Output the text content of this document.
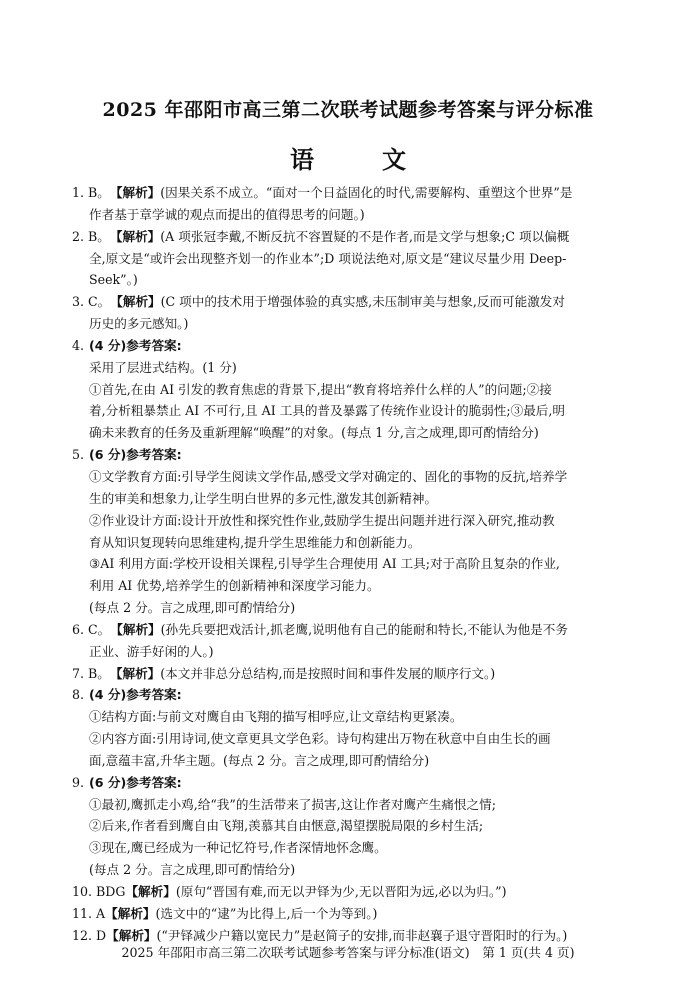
2025 年邵阳市高三第二次联考试题参考答案与评分标准
语　文
1. B。【解析】(因果关系不成立。“面对一个日益固化的时代,需要解构、重塑这个世界”是
作者基于章学诚的观点而提出的值得思考的问题。)
2. B。【解析】(A 项张冠李戴,不断反抗不容置疑的不是作者,而是文学与想象;C 项以偏概
全,原文是“或许会出现整齐划一的作业本”;D 项说法绝对,原文是“建议尽量少用 Deep-
Seek”。)
3. C。【解析】(C 项中的技术用于增强体验的真实感,未压制审美与想象,反而可能激发对
历史的多元感知。)
4.(4 分)参考答案:
采用了层进式结构。(1 分)
①首先,在由 AI 引发的教育焦虑的背景下,提出“教育将培养什么样的人”的问题;②接
着,分析粗暴禁止 AI 不可行,且 AI 工具的普及暴露了传统作业设计的脆弱性;③最后,明
确未来教育的任务及重新理解“唤醒”的对象。(每点 1 分,言之成理,即可酌情给分)
5.(6 分)参考答案:
①文学教育方面:引导学生阅读文学作品,感受文学对确定的、固化的事物的反抗,培养学
生的审美和想象力,让学生明白世界的多元性,激发其创新精神。
②作业设计方面:设计开放性和探究性作业,鼓励学生提出问题并进行深入研究,推动教
育从知识复现转向思维建构,提升学生思维能力和创新能力。
③AI 利用方面:学校开设相关课程,引导学生合理使用 AI 工具;对于高阶且复杂的作业,
利用 AI 优势,培养学生的创新精神和深度学习能力。
(每点 2 分。言之成理,即可酌情给分)
6. C。【解析】(孙先兵要把戏活计,抓老鹰,说明他有自己的能耐和特长,不能认为他是不务
正业、游手好闲的人。)
7. B。【解析】(本文并非总分总结构,而是按照时间和事件发展的顺序行文。)
8.(4 分)参考答案:
①结构方面:与前文对鹰自由飞翔的描写相呼应,让文章结构更紧凑。
②内容方面:引用诗词,使文章更具文学色彩。诗句构建出万物在秋意中自由生长的画
面,意蕴丰富,升华主题。(每点 2 分。言之成理,即可酌情给分)
9.(6 分)参考答案:
①最初,鹰抓走小鸡,给“我”的生活带来了损害,这让作者对鹰产生痛恨之情;
②后来,作者看到鹰自由飞翔,羡慕其自由惬意,渴望摆脱局限的乡村生活;
③现在,鹰已经成为一种记忆符号,作者深情地怀念鹰。
(每点 2 分。言之成理,即可酌情给分)
10. BDG【解析】(原句“晋国有难,而无以尹铎为少,无以晋阳为远,必以为归。”)
11. A【解析】(选文中的“逮”为比得上,后一个为等到。)
12. D【解析】(“尹铎减少户籍以宽民力”是赵简子的安排,而非赵襄子退守晋阳时的行为。)
2025 年邵阳市高三第二次联考试题参考答案与评分标准(语文)　第 1 页(共 4 页)
